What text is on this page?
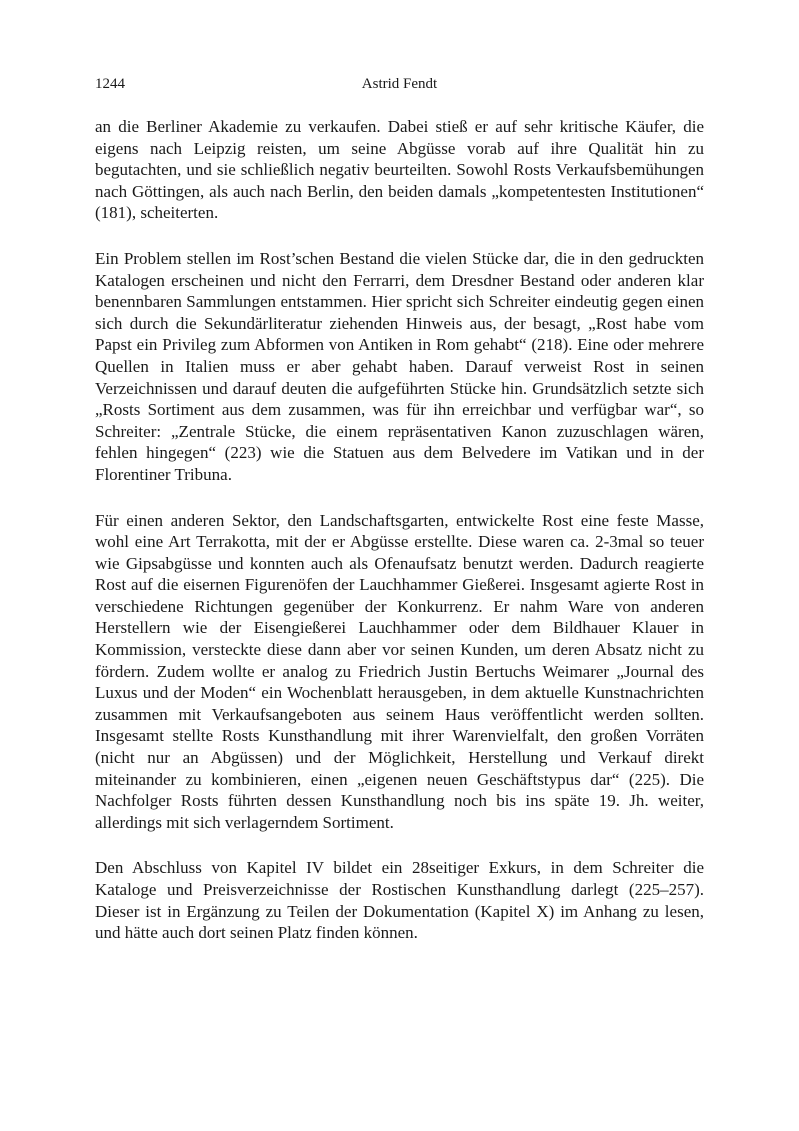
1244	Astrid Fendt

an die Berliner Akademie zu verkaufen. Dabei stieß er auf sehr kritische Käufer, die eigens nach Leipzig reisten, um seine Abgüsse vorab auf ihre Qualität hin zu begutachten, und sie schließlich negativ beurteilten. Sowohl Rosts Verkaufsbemühungen nach Göttingen, als auch nach Berlin, den beiden damals „kompetentesten Institutionen“ (181), scheiterten.

Ein Problem stellen im Rost’schen Bestand die vielen Stücke dar, die in den gedruckten Katalogen erscheinen und nicht den Ferrarri, dem Dresdner Bestand oder anderen klar benennbaren Sammlungen entstammen. Hier spricht sich Schreiter eindeutig gegen einen sich durch die Sekundärliteratur ziehenden Hinweis aus, der besagt, „Rost habe vom Papst ein Privileg zum Abformen von Antiken in Rom gehabt“ (218). Eine oder mehrere Quellen in Italien muss er aber gehabt haben. Darauf verweist Rost in seinen Verzeichnissen und darauf deuten die aufgeführten Stücke hin. Grundsätzlich setzte sich „Rosts Sortiment aus dem zusammen, was für ihn erreichbar und verfügbar war“, so Schreiter: „Zentrale Stücke, die einem repräsentativen Kanon zuzuschlagen wären, fehlen hingegen“ (223) wie die Statuen aus dem Belvedere im Vatikan und in der Florentiner Tribuna.

Für einen anderen Sektor, den Landschaftsgarten, entwickelte Rost eine feste Masse, wohl eine Art Terrakotta, mit der er Abgüsse erstellte. Diese waren ca. 2-3mal so teuer wie Gipsabgüsse und konnten auch als Ofenaufsatz benutzt werden. Dadurch reagierte Rost auf die eisernen Figurenöfen der Lauchhammer Gießerei. Insgesamt agierte Rost in verschiedene Richtungen gegenüber der Konkurrenz. Er nahm Ware von anderen Herstellern wie der Eisengießerei Lauchhammer oder dem Bildhauer Klauer in Kommission, versteckte diese dann aber vor seinen Kunden, um deren Absatz nicht zu fördern. Zudem wollte er analog zu Friedrich Justin Bertuchs Weimarer „Journal des Luxus und der Moden“ ein Wochenblatt herausgeben, in dem aktuelle Kunstnachrichten zusammen mit Verkaufsangeboten aus seinem Haus veröffentlicht werden sollten. Insgesamt stellte Rosts Kunsthandlung mit ihrer Warenvielfalt, den großen Vorräten (nicht nur an Abgüssen) und der Möglichkeit, Herstellung und Verkauf direkt miteinander zu kombinieren, einen „eigenen neuen Geschäftstypus dar“ (225). Die Nachfolger Rosts führten dessen Kunsthandlung noch bis ins späte 19. Jh. weiter, allerdings mit sich verlagerndem Sortiment.

Den Abschluss von Kapitel IV bildet ein 28seitiger Exkurs, in dem Schreiter die Kataloge und Preisverzeichnisse der Rostischen Kunsthandlung darlegt (225–257). Dieser ist in Ergänzung zu Teilen der Dokumentation (Kapitel X) im Anhang zu lesen, und hätte auch dort seinen Platz finden können.
